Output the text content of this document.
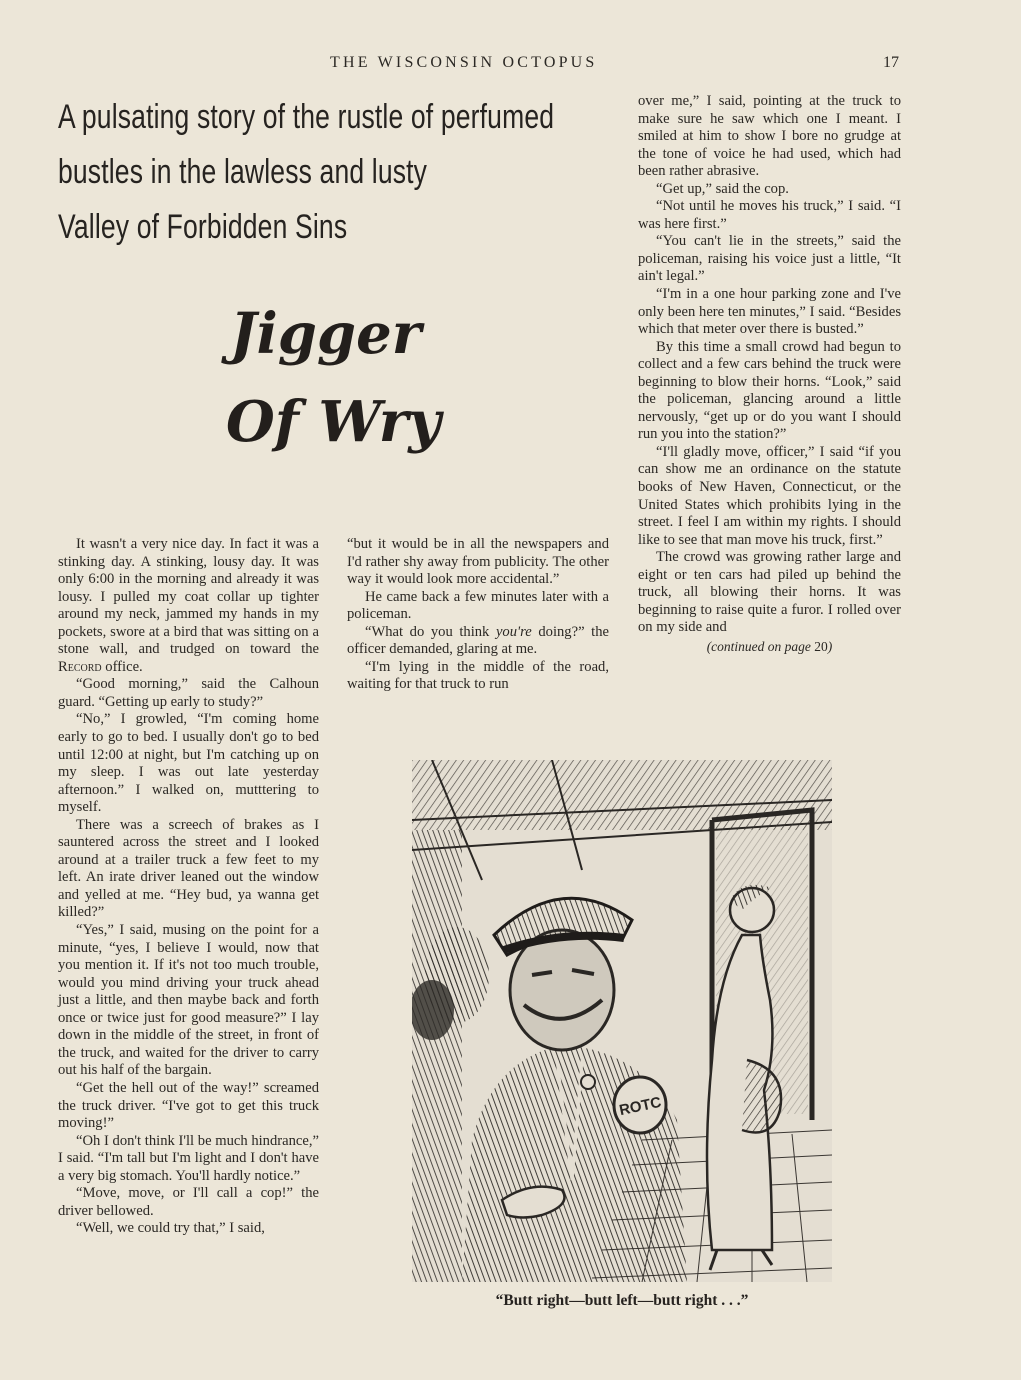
THE WISCONSIN OCTOPUS	17
A pulsating story of the rustle of perfumed
bustles in the lawless and lusty
Valley of Forbidden Sins
Jigger
Of Wry

It wasn't a very nice day. In fact it was a stinking day. A stinking, lousy day. It was only 6:00 in the morning and already it was lousy. I pulled my coat collar up tighter around my neck, jammed my hands in my pockets, swore at a bird that was sitting on a stone wall, and trudged on toward the Record office.

“Good morning,” said the Calhoun guard. “Getting up early to study?”

“No,” I growled, “I'm coming home early to go to bed. I usually don't go to bed until 12:00 at night, but I'm catching up on my sleep. I was out late yesterday afternoon.” I walked on, mutttering to myself.

There was a screech of brakes as I sauntered across the street and I looked around at a trailer truck a few feet to my left. An irate driver leaned out the window and yelled at me. “Hey bud, ya wanna get killed?”

“Yes,” I said, musing on the point for a minute, “yes, I believe I would, now that you mention it. If it's not too much trouble, would you mind driving your truck ahead just a little, and then maybe back and forth once or twice just for good measure?” I lay down in the middle of the street, in front of the truck, and waited for the driver to carry out his half of the bargain.

“Get the hell out of the way!” screamed the truck driver. “I've got to get this truck moving!”

“Oh I don't think I'll be much hindrance,” I said. “I'm tall but I'm light and I don't have a very big stomach. You'll hardly notice.”

“Move, move, or I'll call a cop!” the driver bellowed.

“Well, we could try that,” I said,

“but it would be in all the newspapers and I'd rather shy away from publicity. The other way it would look more accidental.”

He came back a few minutes later with a policeman.

“What do you think you're doing?” the officer demanded, glaring at me.

“I'm lying in the middle of the road, waiting for that truck to run

over me,” I said, pointing at the truck to make sure he saw which one I meant. I smiled at him to show I bore no grudge at the tone of voice he had used, which had been rather abrasive.

“Get up,” said the cop.

“Not until he moves his truck,” I said. “I was here first.”

“You can't lie in the streets,” said the policeman, raising his voice just a little, “It ain't legal.”

“I'm in a one hour parking zone and I've only been here ten minutes,” I said. “Besides which that meter over there is busted.”

By this time a small crowd had begun to collect and a few cars behind the truck were beginning to blow their horns. “Look,” said the policeman, glancing around a little nervously, “get up or do you want I should run you into the station?”

“I'll gladly move, officer,” I said “if you can show me an ordinance on the statute books of New Haven, Connecticut, or the United States which prohibits lying in the street. I feel I am within my rights. I should like to see that man move his truck, first.”

The crowd was growing rather large and eight or ten cars had piled up behind the truck, all blowing their horns. It was beginning to raise quite a furor. I rolled over on my side and

(continued on page 20)
ROTC
“Butt right—butt left—butt right . . .”
